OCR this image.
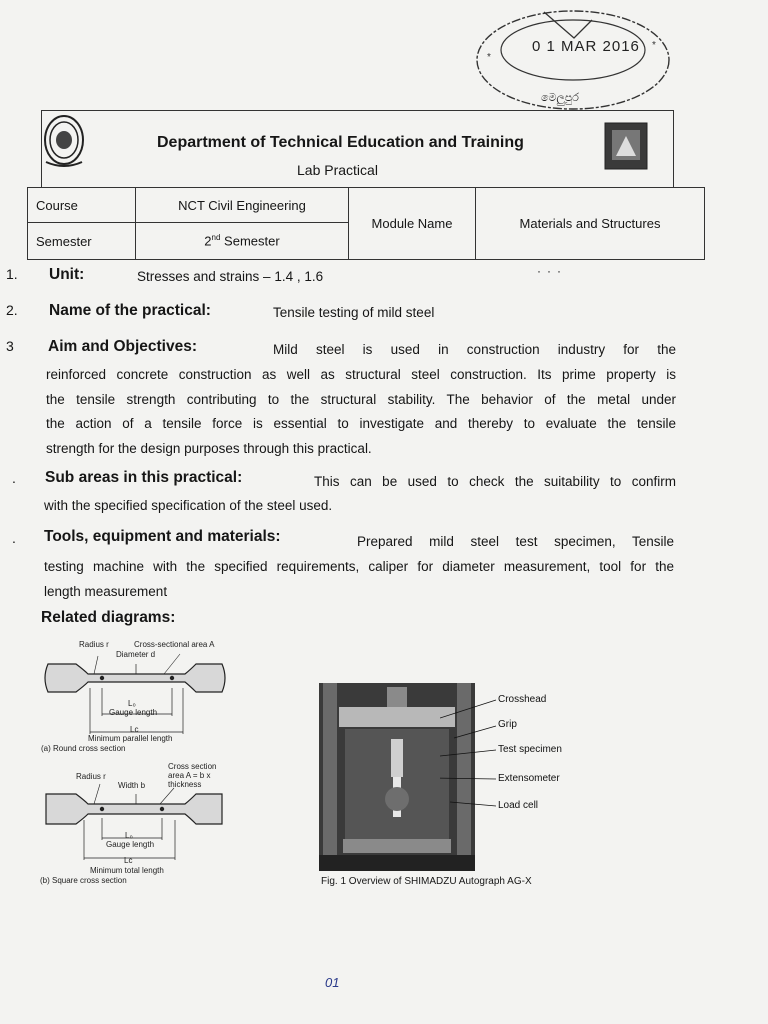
*
*
0 1 MAR 2016
මෙලුපුර
Department of Technical Education and Training
Lab Practical
Course	NCT Civil Engineering	Module Name	Materials and Structures
Semester	2nd Semester		
1. Unit:	Stresses and strains – 1.4 , 1.6	···
2. Name of the practical:	Tensile testing of mild steel
3 Aim and Objectives:	Mild steel is used in construction industry for the
reinforced concrete construction as well as structural steel construction. Its prime property is
the tensile strength contributing to the structural stability. The behavior of the metal under
the action of a tensile force is essential to investigate and thereby to evaluate the tensile
strength for the design purposes through this practical.
. Sub areas in this practical:	This can be used to check the suitability to confirm
with the specified specification of the steel used.
. Tools, equipment and materials:	Prepared mild steel test specimen, Tensile
testing machine with the specified requirements, caliper for diameter measurement, tool for the
length measurement
Related diagrams:
Radius r	Cross-sectional area A
Diameter d
L₀
Gauge length
Lᴄ
Minimum parallel length
(a) Round cross section
Cross section
area A = b x
thickness
Radius r
Width b
L₀
Gauge length
Lᴄ
Minimum total length
(b) Square cross section
Crosshead
Grip
Test specimen
Extensometer
Load cell
Fig. 1 Overview of SHIMADZU Autograph AG-X
01
